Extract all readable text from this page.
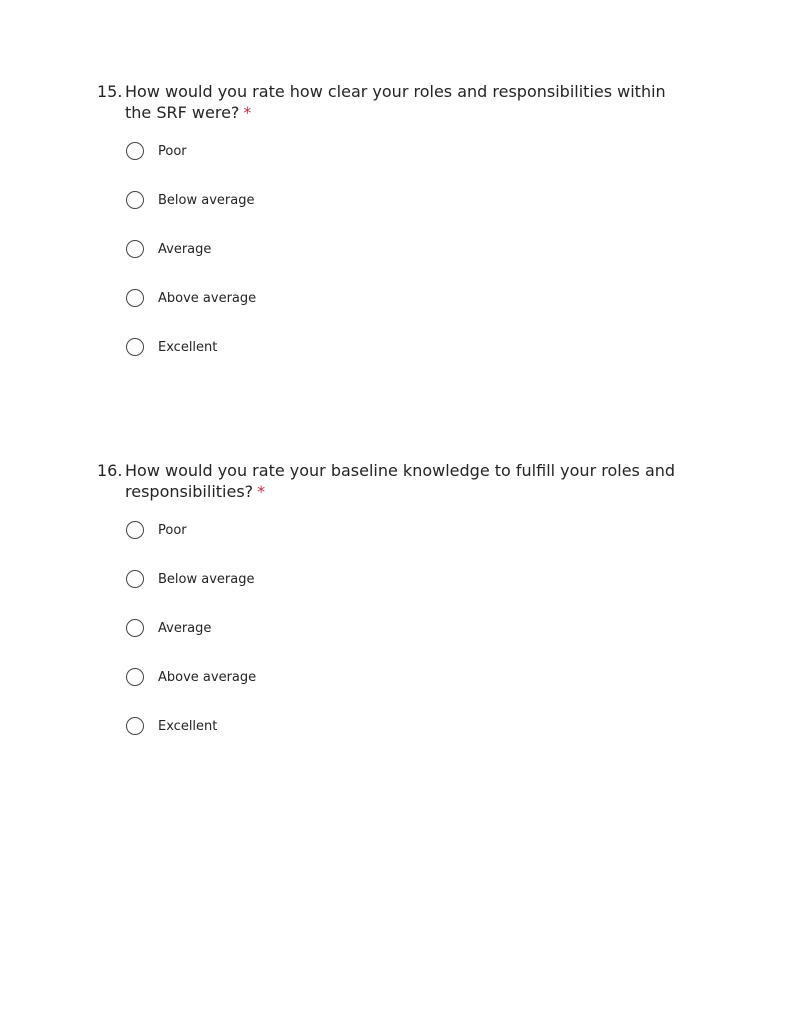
15. How would you rate how clear your roles and responsibilities within the SRF were? *
Poor
Below average
Average
Above average
Excellent
16. How would you rate your baseline knowledge to fulfill your roles and responsibilities? *
Poor
Below average
Average
Above average
Excellent
